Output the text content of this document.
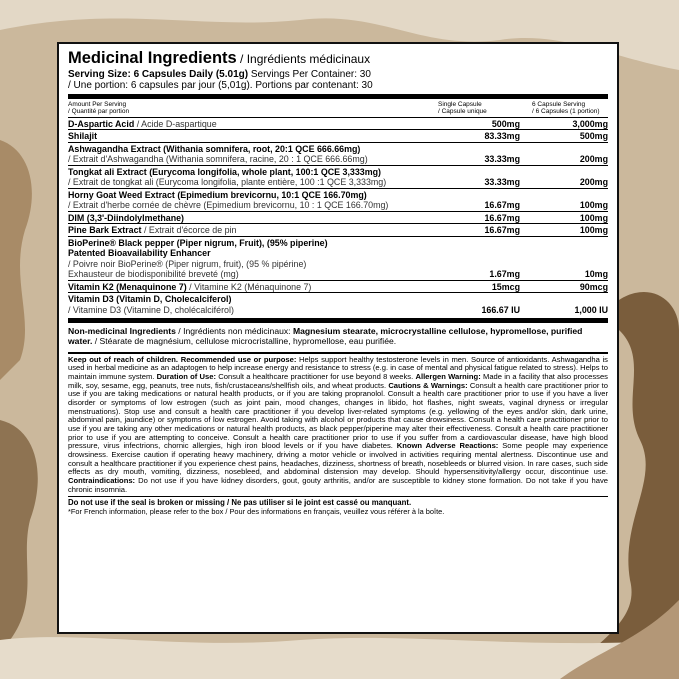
Medicinal Ingredients / Ingrédients médicinaux
Serving Size: 6 Capsules Daily (5.01g) Servings Per Container: 30
/ Une portion: 6 capsules par jour (5,01g). Portions par contenant: 30
Amount Per Serving
/ Quantité par portion
Single Capsule
/ Capsule unique
6 Capsule Serving
/ 6 Capsules (1 portion)
D-Aspartic Acid / Acide D-aspartique	500mg	3,000mg
Shilajit	83.33mg	500mg
Ashwagandha Extract (Withania somnifera, root, 20:1 QCE 666.66mg)
/ Extrait d'Ashwagandha (Withania somnifera, racine, 20 : 1 QCE 666.66mg)	33.33mg	200mg
Tongkat ali Extract (Eurycoma longifolia, whole plant, 100:1 QCE 3,333mg)
/ Extrait de tongkat ali (Eurycoma longifolia, plante entière, 100 :1 QCE 3,333mg)	33.33mg	200mg
Horny Goat Weed Extract (Epimedium brevicornu, 10:1 QCE 166.70mg)
/ Extrait d'herbe cornée de chèvre (Epimedium brevicornu, 10 : 1 QCE 166.70mg)	16.67mg	100mg
DIM (3,3'-Diindolylmethane)	16.67mg	100mg
Pine Bark Extract / Extrait d'écorce de pin	16.67mg	100mg
BioPerine® Black pepper (Piper nigrum, Fruit), (95% piperine)
Patented Bioavailability Enhancer
/ Poivre noir BioPerine® (Piper nigrum, fruit), (95 % pipérine)
Exhausteur de biodisponibilité breveté (mg)	1.67mg	10mg
Vitamin K2 (Menaquinone 7) / Vitamine K2 (Ménaquinone 7)	15mcg	90mcg
Vitamin D3 (Vitamin D, Cholecalciferol)
/ Vitamine D3 (Vitamine D, cholécalciférol)	166.67 IU	1,000 IU
Non-medicinal Ingredients / Ingrédients non médicinaux: Magnesium stearate, microcrystalline cellulose, hypromellose, purified water. / Stéarate de magnésium, cellulose microcristalline, hypromellose, eau purifiée.
Keep out of reach of children. Recommended use or purpose: Helps support healthy testosterone levels in men. Source of antioxidants. Ashwagandha is used in herbal medicine as an adaptogen to help increase energy and resistance to stress (e.g. in case of mental and physical fatigue related to stress). Helps to maintain immune system. Duration of Use: Consult a healthcare practitioner for use beyond 8 weeks. Allergen Warning: Made in a facility that also processes milk, soy, sesame, egg, peanuts, tree nuts, fish/crustaceans/shellfish oils, and wheat products. Cautions & Warnings: Consult a health care practitioner prior to use if you are taking medications or natural health products, or if you are taking propranolol. Consult a health care practitioner prior to use if you have a liver disorder or symptoms of low estrogen (such as joint pain, mood changes, changes in libido, hot flashes, night sweats, vaginal dryness or irregular menstruations). Stop use and consult a health care practitioner if you develop liver-related symptoms (e.g. yellowing of the eyes and/or skin, dark urine, abdominal pain, jaundice) or symptoms of low estrogen. Avoid taking with alcohol or products that cause drowsiness. Consult a health care practitioner prior to use if you are taking any other medications or natural health products, as black pepper/piperine may alter their effectiveness. Consult a health care practitioner prior to use if you are attempting to conceive. Consult a health care practitioner prior to use if you suffer from a cardiovascular disease, have high blood pressure, virus infectrions, chornic allergies, high iron blood levels or if you have diabetes. Known Adverse Reactions: Some people may experience drowsiness. Exercise caution if operating heavy machinery, driving a motor vehicle or involved in activities requiring mental alertness. Discontinue use and consult a healthcare practitioner if you experience chest pains, headaches, dizziness, shortness of breath, nosebleeds or blurred vision. In rare cases, such side effects as dry mouth, vomiting, dizziness, nosebleed, and abdominal distension may develop. Should hypersensitivity/allergy occur, discontinue use. Contraindications: Do not use if you have kidney disorders, gout, gouty arthritis, and/or are susceptible to kidney stone formation. Do not take if you have chronic insomnia.
Do not use if the seal is broken or missing / Ne pas utiliser si le joint est cassé ou manquant.
*For French information, please refer to the box / Pour des informations en français, veuillez vous référer à la boîte.
